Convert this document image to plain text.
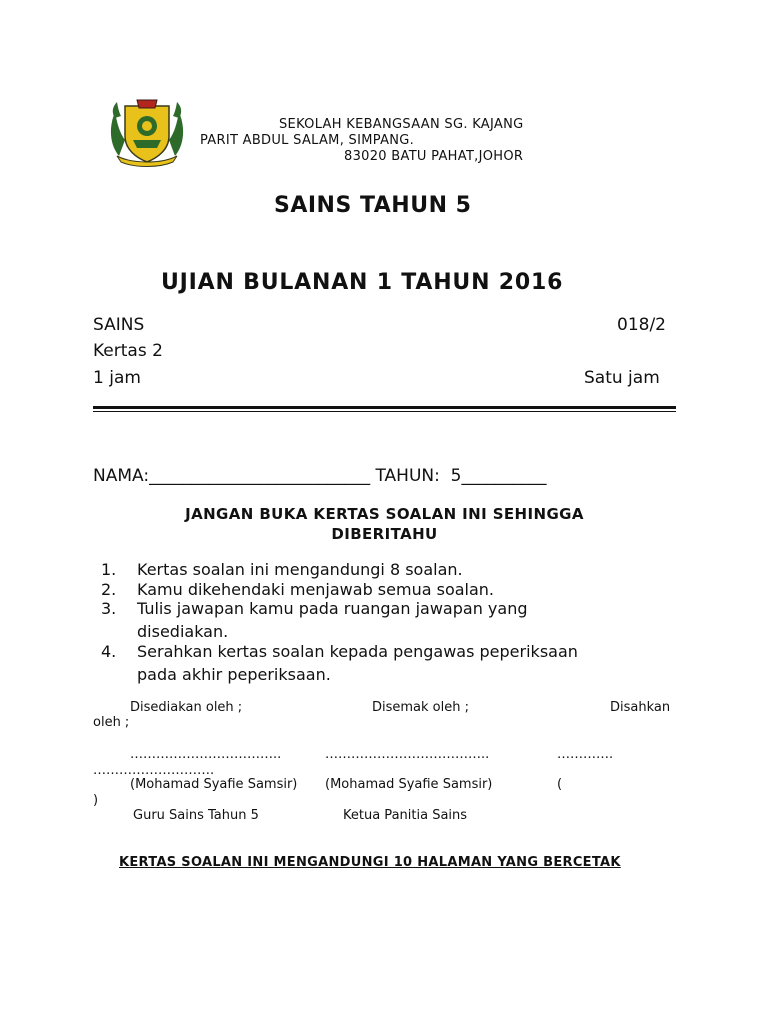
SEKOLAH KEBANGSAAN SG. KAJANG
PARIT ABDUL SALAM, SIMPANG.
83020 BATU PAHAT,JOHOR
SAINS TAHUN 5
UJIAN BULANAN 1 TAHUN 2016
SAINS	018/2
Kertas 2
1 jam	Satu jam
NAMA:__________________________ TAHUN: 5__________
JANGAN BUKA KERTAS SOALAN INI SEHINGGA
DIBERITAHU
1. Kertas soalan ini mengandungi 8 soalan.
2. Kamu dikehendaki menjawab semua soalan.
3. Tulis jawapan kamu pada ruangan jawapan yang
disediakan.
4. Serahkan kertas soalan kepada pengawas peperiksaan
pada akhir peperiksaan.
Disediakan oleh ;	Disemak oleh ;	Disahkan
oleh ;
……………………………..	………………………………..	………….
……………………….
(Mohamad Syafie Samsir) (Mohamad Syafie Samsir)	(
)
Guru Sains Tahun 5	Ketua Panitia Sains
KERTAS SOALAN INI MENGANDUNGI 10 HALAMAN YANG BERCETAK
